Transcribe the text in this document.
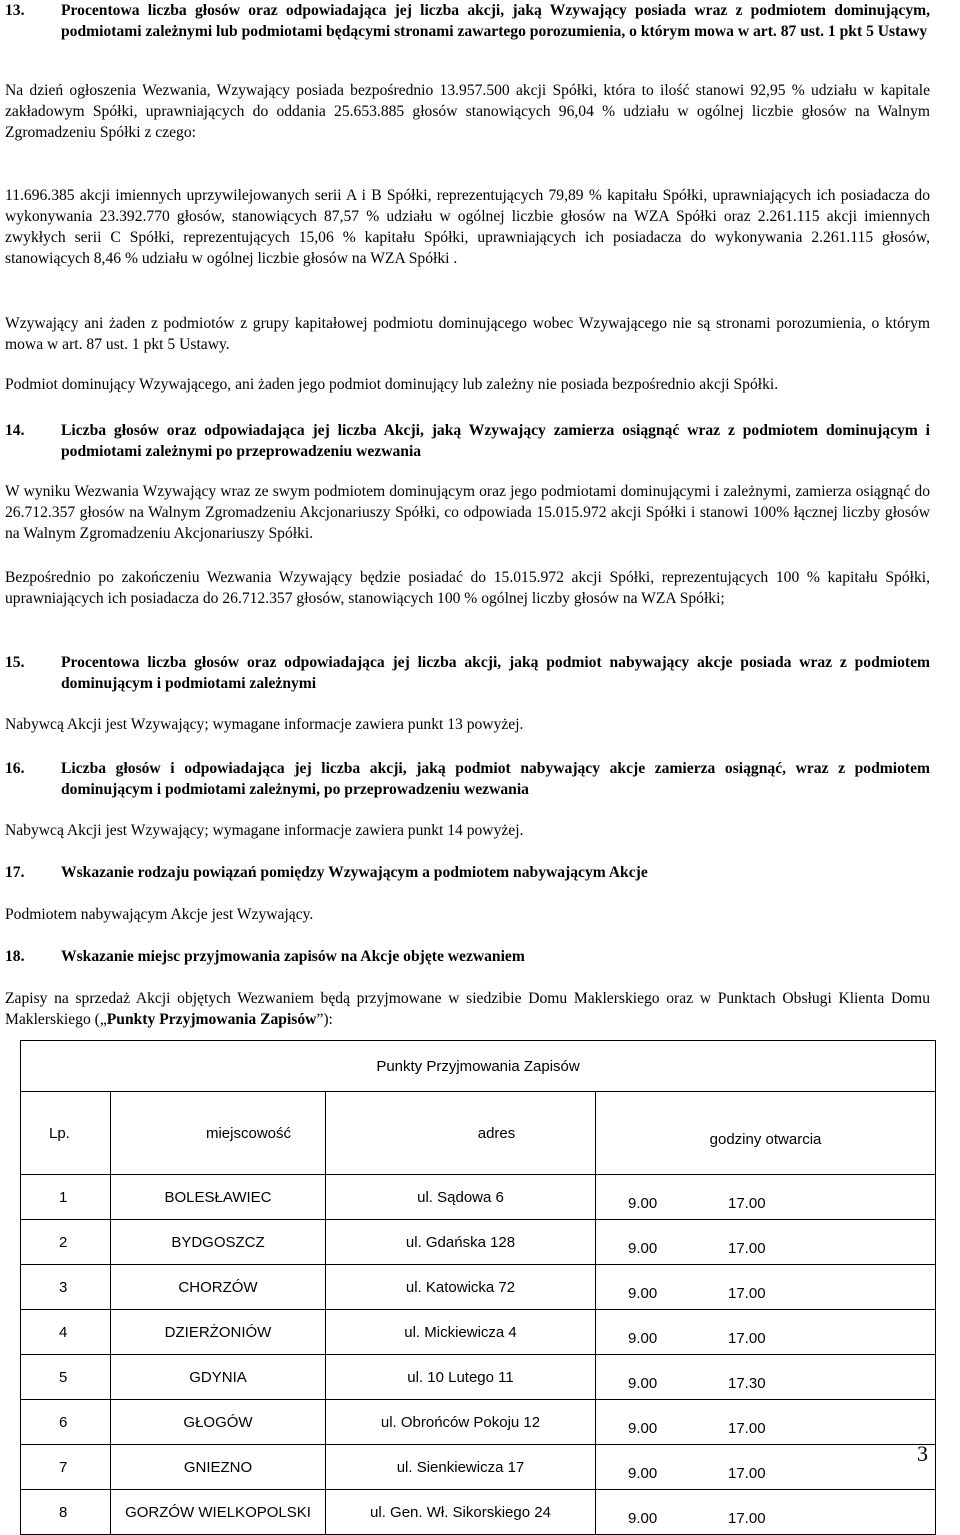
13.	Procentowa liczba głosów oraz odpowiadająca jej liczba akcji, jaką Wzywający posiada wraz z podmiotem dominującym, podmiotami zależnymi lub podmiotami będącymi stronami zawartego porozumienia, o którym mowa w art. 87 ust. 1 pkt 5 Ustawy

Na dzień ogłoszenia Wezwania, Wzywający posiada bezpośrednio 13.957.500 akcji Spółki, która to ilość stanowi 92,95 % udziału w kapitale zakładowym Spółki, uprawniających do oddania 25.653.885 głosów stanowiących 96,04 % udziału w ogólnej liczbie głosów na Walnym Zgromadzeniu Spółki z czego:

11.696.385 akcji imiennych uprzywilejowanych serii A i B Spółki, reprezentujących 79,89 % kapitału Spółki, uprawniających ich posiadacza do wykonywania 23.392.770 głosów, stanowiących 87,57 % udziału w ogólnej liczbie głosów na WZA Spółki oraz 2.261.115 akcji imiennych zwykłych serii C Spółki, reprezentujących 15,06 % kapitału Spółki, uprawniających ich posiadacza do wykonywania 2.261.115 głosów, stanowiących 8,46 % udziału w ogólnej liczbie głosów na WZA Spółki .

Wzywający ani żaden z podmiotów z grupy kapitałowej podmiotu dominującego wobec Wzywającego nie są stronami porozumienia, o którym mowa w art. 87 ust. 1 pkt 5 Ustawy.

Podmiot dominujący Wzywającego, ani żaden jego podmiot dominujący lub zależny nie posiada bezpośrednio akcji Spółki.

14.	Liczba głosów oraz odpowiadająca jej liczba Akcji, jaką Wzywający zamierza osiągnąć wraz z podmiotem dominującym i podmiotami zależnymi po przeprowadzeniu wezwania

W wyniku Wezwania Wzywający wraz ze swym podmiotem dominującym oraz jego podmiotami dominującymi i zależnymi, zamierza osiągnąć do 26.712.357 głosów na Walnym Zgromadzeniu Akcjonariuszy Spółki, co odpowiada 15.015.972 akcji Spółki i stanowi 100% łącznej liczby głosów na Walnym Zgromadzeniu Akcjonariuszy Spółki.

Bezpośrednio po zakończeniu Wezwania Wzywający będzie posiadać do 15.015.972 akcji Spółki, reprezentujących 100 % kapitału Spółki, uprawniających ich posiadacza do 26.712.357 głosów, stanowiących 100 % ogólnej liczby głosów na WZA Spółki;

15.	Procentowa liczba głosów oraz odpowiadająca jej liczba akcji, jaką podmiot nabywający akcje posiada wraz z podmiotem dominującym i podmiotami zależnymi

Nabywcą Akcji jest Wzywający; wymagane informacje zawiera punkt 13 powyżej.

16.	Liczba głosów i odpowiadająca jej liczba akcji, jaką podmiot nabywający akcje zamierza osiągnąć, wraz z podmiotem dominującym i podmiotami zależnymi, po przeprowadzeniu wezwania

Nabywcą Akcji jest Wzywający; wymagane informacje zawiera punkt 14 powyżej.

17.	Wskazanie rodzaju powiązań pomiędzy Wzywającym a podmiotem nabywającym Akcje

Podmiotem nabywającym Akcje jest Wzywający.

18.	Wskazanie miejsc przyjmowania zapisów na Akcje objęte wezwaniem

Zapisy na sprzedaż Akcji objętych Wezwaniem będą przyjmowane w siedzibie Domu Maklerskiego oraz w Punktach Obsługi Klienta Domu Maklerskiego („Punkty Przyjmowania Zapisów”):

Punkty Przyjmowania Zapisów			
Lp.	miejscowość	adres	godziny otwarcia
1	BOLESŁAWIEC	ul. Sądowa 6	9.00 17.00
2	BYDGOSZCZ	ul. Gdańska 128	9.00 17.00
3	CHORZÓW	ul. Katowicka 72	9.00 17.00
4	DZIERŻONIÓW	ul. Mickiewicza 4	9.00 17.00
5	GDYNIA	ul. 10 Lutego 11	9.00 17.30
6	GŁOGÓW	ul. Obrońców Pokoju 12	9.00 17.00
7	GNIEZNO	ul. Sienkiewicza 17	9.00 17.00
8	GORZÓW WIELKOPOLSKI	ul. Gen. Wł. Sikorskiego 24	9.00 17.00
3
